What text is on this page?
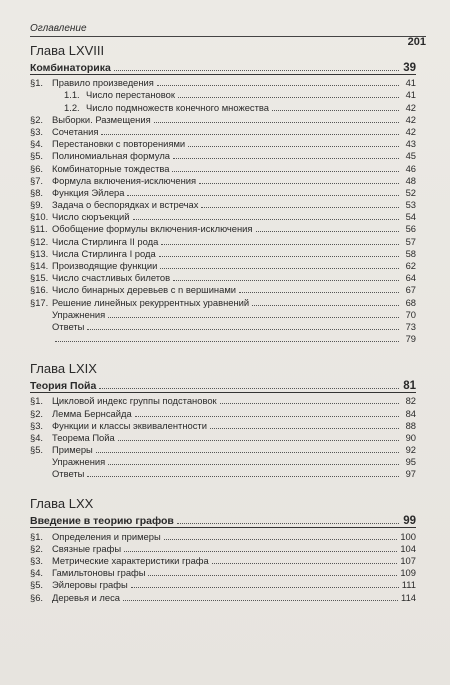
Оглавление
201
Глава LXVIII
Комбинаторика	39
§1. Правило произведения	41
1.1. Число перестановок	41
1.2. Число подмножеств конечного множества	42
§2. Выборки. Размещения	42
§3. Сочетания	42
§4. Перестановки с повторениями	43
§5. Полиномиальная формула	45
§6. Комбинаторные тождества	46
§7. Формула включения-исключения	48
§8. Функция Эйлера	52
§9. Задача о беспорядках и встречах	53
§10. Число сюръекций	54
§11. Обобщение формулы включения-исключения	56
§12. Числа Стирлинга II рода	57
§13. Числа Стирлинга I рода	58
§14. Производящие функции	62
§15. Число счастливых билетов	64
§16. Число бинарных деревьев с n вершинами	67
§17. Решение линейных рекуррентных уравнений	68
Упражнения	70
Ответы	73
79
Глава LXIX
Теория Пойа	81
§1. Цикловой индекс группы подстановок	82
§2. Лемма Бернсайда	84
§3. Функции и классы эквивалентности	88
§4. Теорема Пойа	90
§5. Примеры	92
Упражнения	95
Ответы	97
Глава LXX
Введение в теорию графов	99
§1. Определения и примеры	100
§2. Связные графы	104
§3. Метрические характеристики графа	107
§4. Гамильтоновы графы	109
§5. Эйлеровы графы	111
§6. Деревья и леса	114
